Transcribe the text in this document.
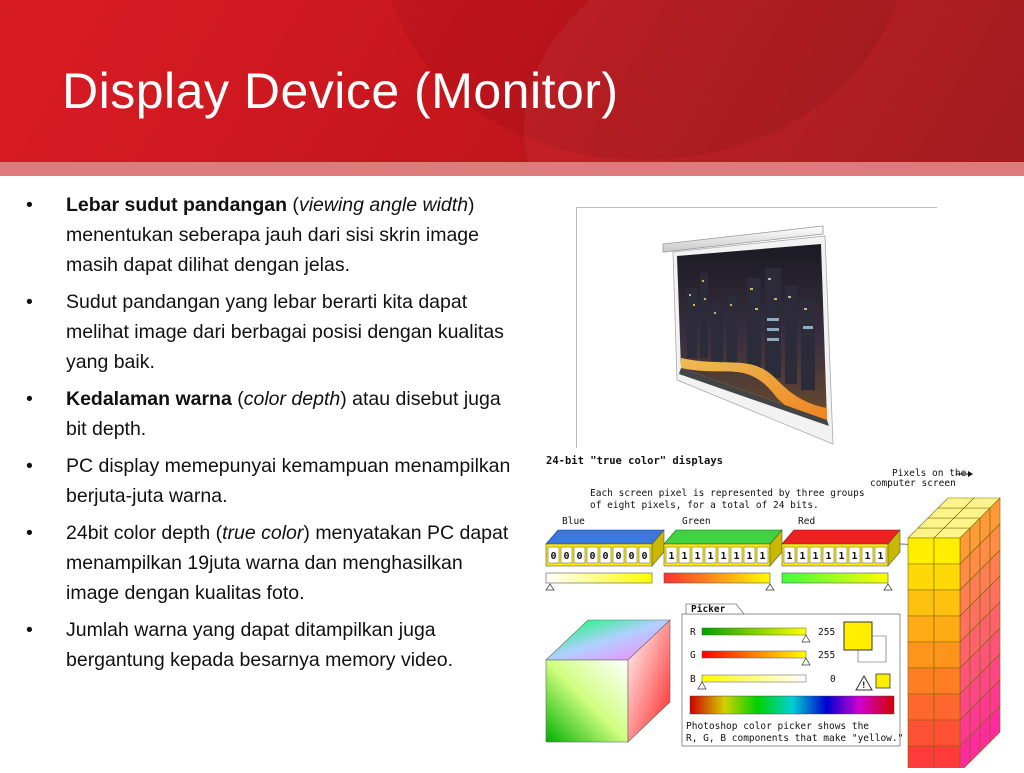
Display Device (Monitor)
• Lebar sudut pandangan (viewing angle width) menentukan seberapa jauh dari sisi skrin image masih dapat dilihat dengan jelas.
• Sudut pandangan yang lebar berarti kita dapat melihat image dari berbagai posisi dengan kualitas yang baik.
• Kedalaman warna (color depth) atau disebut juga bit depth.
• PC display memepunyai kemampuan menampilkan berjuta-juta warna.
• 24bit color depth (true color) menyatakan PC dapat menampilkan 19juta warna dan menghasilkan image dengan kualitas foto.
• Jumlah warna yang dapat ditampilkan juga bergantung kepada besarnya memory video.
24-bit "true color" displays
Pixels on the
computer screen
Each screen pixel is represented by three groups
of eight pixels, for a total of 24 bits.
Blue	Green	Red
0 0 0 0 0 0 0 0 1 1 1 1 1 1 1 1 1 1 1 1 1 1 1 1
Picker
R	255
G	255
B	0	!
Photoshop color picker shows the
R, G, B components that make "yellow."
